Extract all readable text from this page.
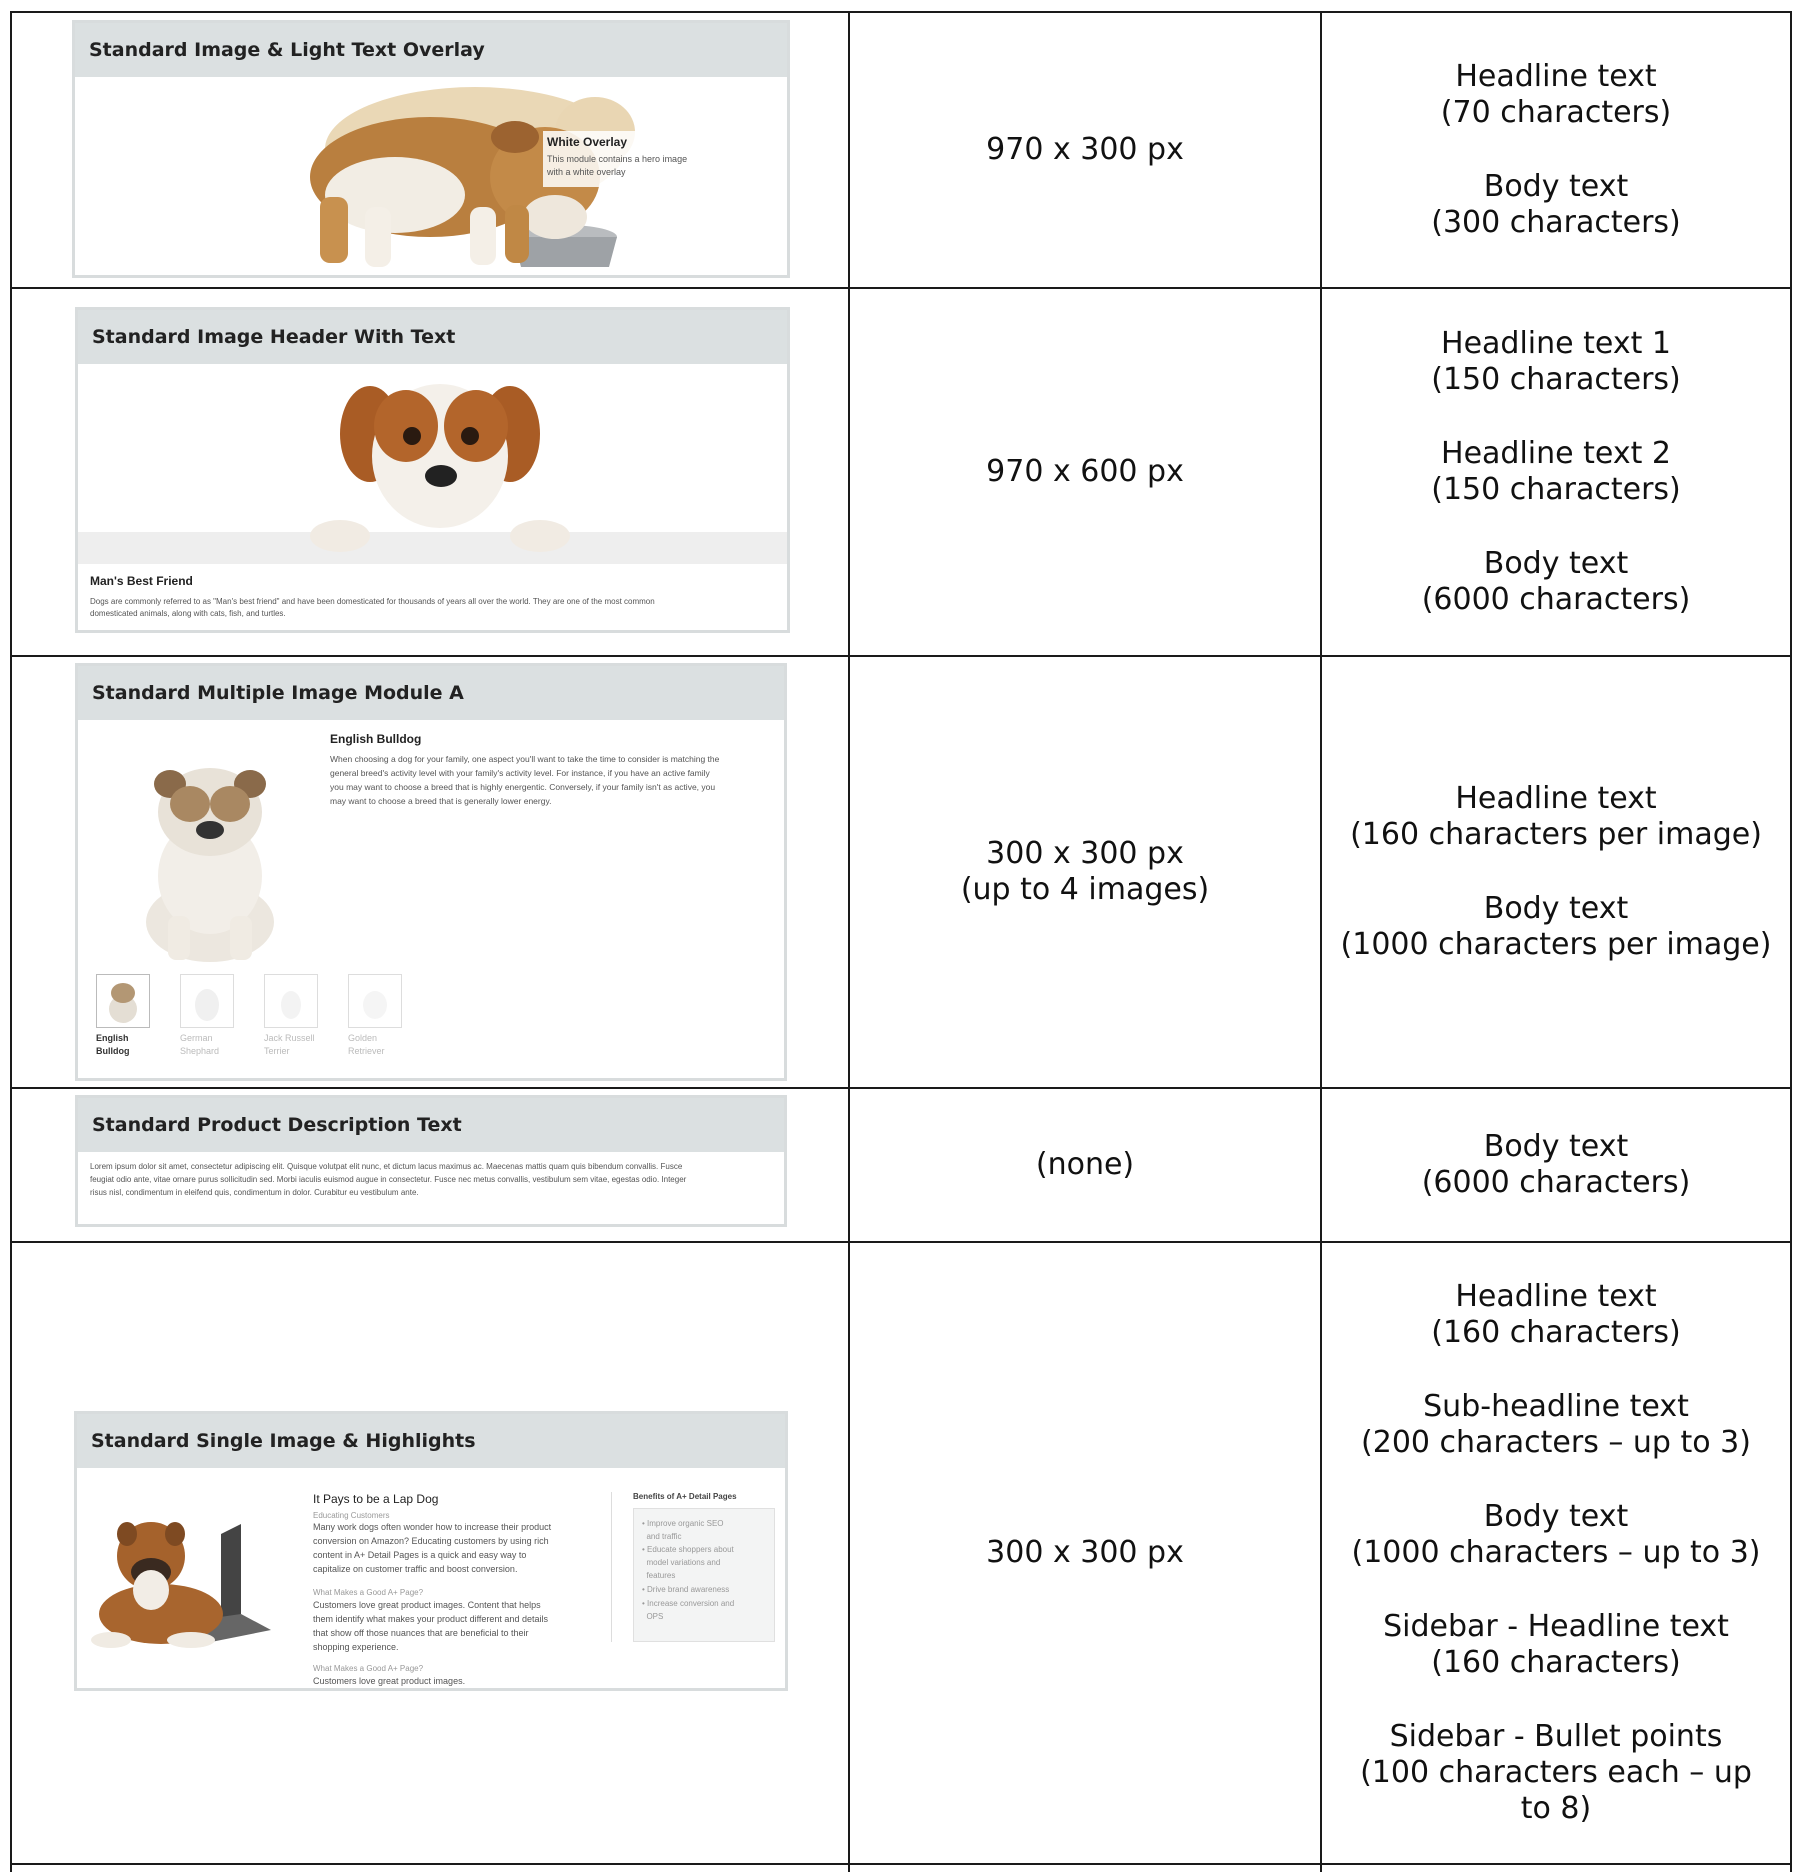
Standard Image & Light Text Overlay
White Overlay
This module contains a hero image
with a white overlay
970 x 300 px
Headline text
(70 characters)
Body text
(300 characters)
Standard Image Header With Text
Man's Best Friend
Dogs are commonly referred to as "Man's best friend" and have been domesticated for thousands of years all over the world. They are one of the most common
domesticated animals, along with cats, fish, and turtles.
970 x 600 px
Headline text 1
(150 characters)
Headline text 2
(150 characters)
Body text
(6000 characters)
Standard Multiple Image Module A
English Bulldog
When choosing a dog for your family, one aspect you'll want to take the time to consider is matching the
general breed's activity level with your family's activity level. For instance, if you have an active family
you may want to choose a breed that is highly energentic. Conversely, if your family isn't as active, you
may want to choose a breed that is generally lower energy.
English
Bulldog
German
Shephard
Jack Russell
Terrier
Golden
Retriever
300 x 300 px
(up to 4 images)
Headline text
(160 characters per image)
Body text
(1000 characters per image)
Standard Product Description Text
Lorem ipsum dolor sit amet, consectetur adipiscing elit. Quisque volutpat elit nunc, et dictum lacus maximus ac. Maecenas mattis quam quis bibendum convallis. Fusce
feugiat odio ante, vitae ornare purus sollicitudin sed. Morbi iaculis euismod augue in consectetur. Fusce nec metus convallis, vestibulum sem vitae, egestas odio. Integer
risus nisl, condimentum in eleifend quis, condimentum in dolor. Curabitur eu vestibulum ante.
(none)
Body text
(6000 characters)
Standard Single Image & Highlights
It Pays to be a Lap Dog
Educating Customers
Many work dogs often wonder how to increase their product
conversion on Amazon? Educating customers by using rich
content in A+ Detail Pages is a quick and easy way to
capitalize on customer traffic and boost conversion.
What Makes a Good A+ Page?
Customers love great product images. Content that helps
them identify what makes your product different and details
that show off those nuances that are beneficial to their
shopping experience.
What Makes a Good A+ Page?
Customers love great product images.
Benefits of A+ Detail Pages
• Improve organic SEO
and traffic
• Educate shoppers about
model variations and
features
• Drive brand awareness
• Increase conversion and
OPS
300 x 300 px
Headline text
(160 characters)
Sub-headline text
(200 characters – up to 3)
Body text
(1000 characters – up to 3)
Sidebar - Headline text
(160 characters)
Sidebar - Bullet points
(100 characters each – up
to 8)
